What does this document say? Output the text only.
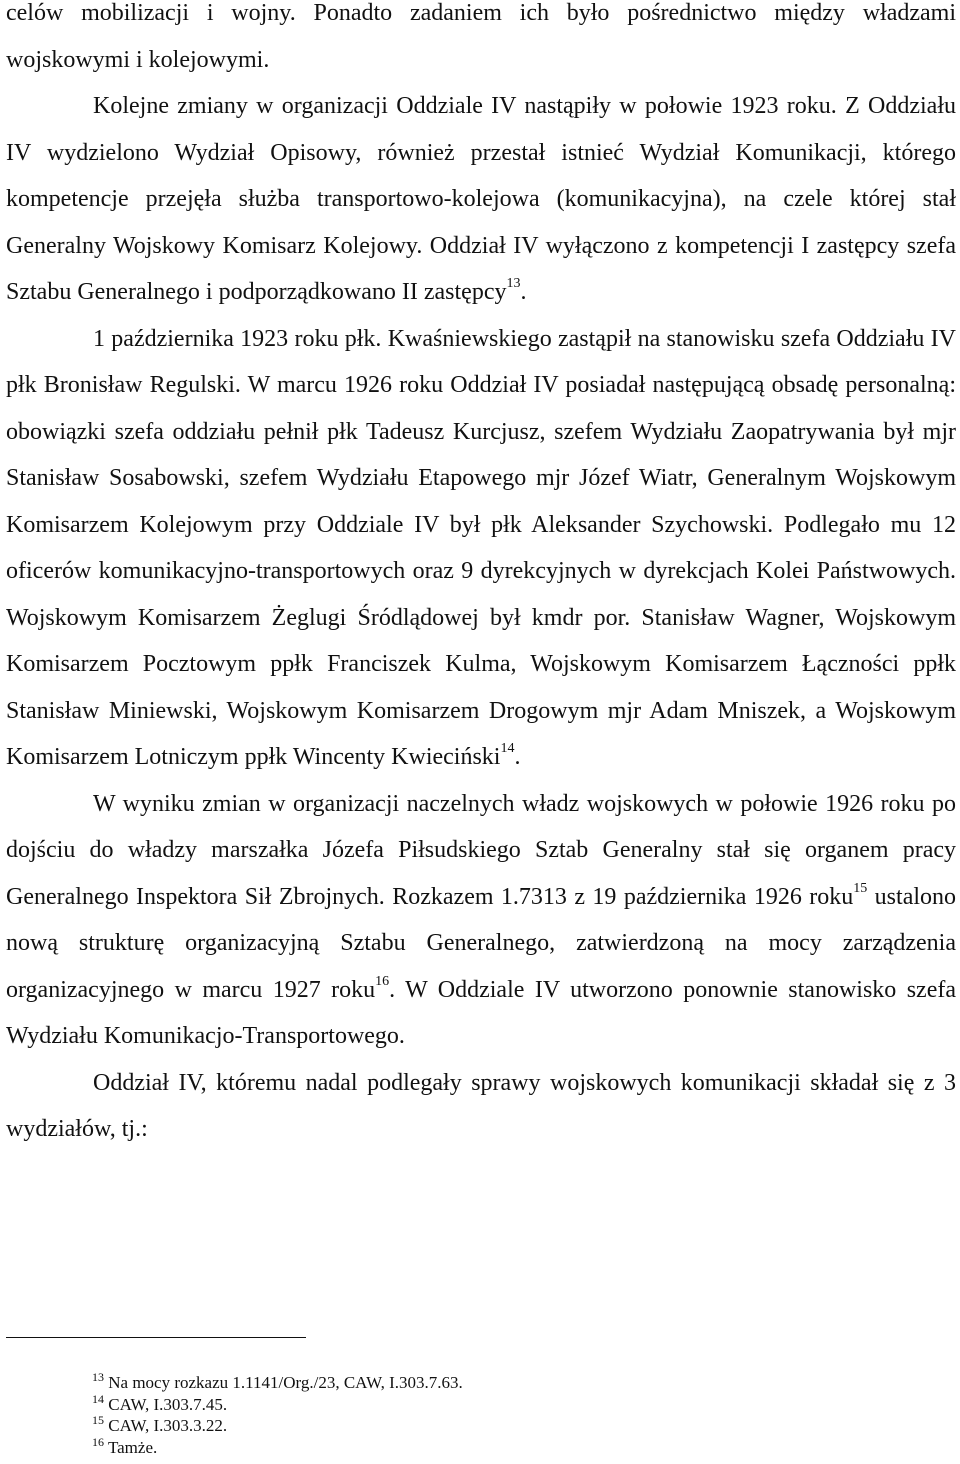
celów mobilizacji i wojny. Ponadto zadaniem ich było pośrednictwo między władzami wojskowymi i kolejowymi.

Kolejne zmiany w organizacji Oddziale IV nastąpiły w połowie 1923 roku. Z Oddziału IV wydzielono Wydział Opisowy, również przestał istnieć Wydział Komunikacji, którego kompetencje przejęła służba transportowo-kolejowa (komunikacyjna), na czele której stał Generalny Wojskowy Komisarz Kolejowy. Oddział IV wyłączono z kompetencji I zastępcy szefa Sztabu Generalnego i podporządkowano II zastępcy$^{13}$.

1 października 1923 roku płk. Kwaśniewskiego zastąpił na stanowisku szefa Oddziału IV płk Bronisław Regulski. W marcu 1926 roku Oddział IV posiadał następującą obsadę personalną: obowiązki szefa oddziału pełnił płk Tadeusz Kurcjusz, szefem Wydziału Zaopatrywania był mjr Stanisław Sosabowski, szefem Wydziału Etapowego mjr Józef Wiatr, Generalnym Wojskowym Komisarzem Kolejowym przy Oddziale IV był płk Aleksander Szychowski. Podlegało mu 12 oficerów komunikacyjno-transportowych oraz 9 dyrekcyjnych w dyrekcjach Kolei Państwowych. Wojskowym Komisarzem Żeglugi Śródlądowej był kmdr por. Stanisław Wagner, Wojskowym Komisarzem Pocztowym ppłk Franciszek Kulma, Wojskowym Komisarzem Łączności ppłk Stanisław Miniewski, Wojskowym Komisarzem Drogowym mjr Adam Mniszek, a Wojskowym Komisarzem Lotniczym ppłk Wincenty Kwieciński$^{14}$.

W wyniku zmian w organizacji naczelnych władz wojskowych w połowie 1926 roku po dojściu do władzy marszałka Józefa Piłsudskiego Sztab Generalny stał się organem pracy Generalnego Inspektora Sił Zbrojnych. Rozkazem 1.7313 z 19 października 1926 roku$^{15}$ ustalono nową strukturę organizacyjną Sztabu Generalnego, zatwierdzoną na mocy zarządzenia organizacyjnego w marcu 1927 roku$^{16}$. W Oddziale IV utworzono ponownie stanowisko szefa Wydziału Komunikacjo-Transportowego.

Oddział IV, któremu nadal podlegały sprawy wojskowych komunikacji składał się z 3 wydziałów, tj.:

$^{13}$ Na mocy rozkazu 1.1141/Org./23, CAW, I.303.7.63.

$^{14}$ CAW, I.303.7.45.

$^{15}$ CAW, I.303.3.22.

$^{16}$ Tamże.
